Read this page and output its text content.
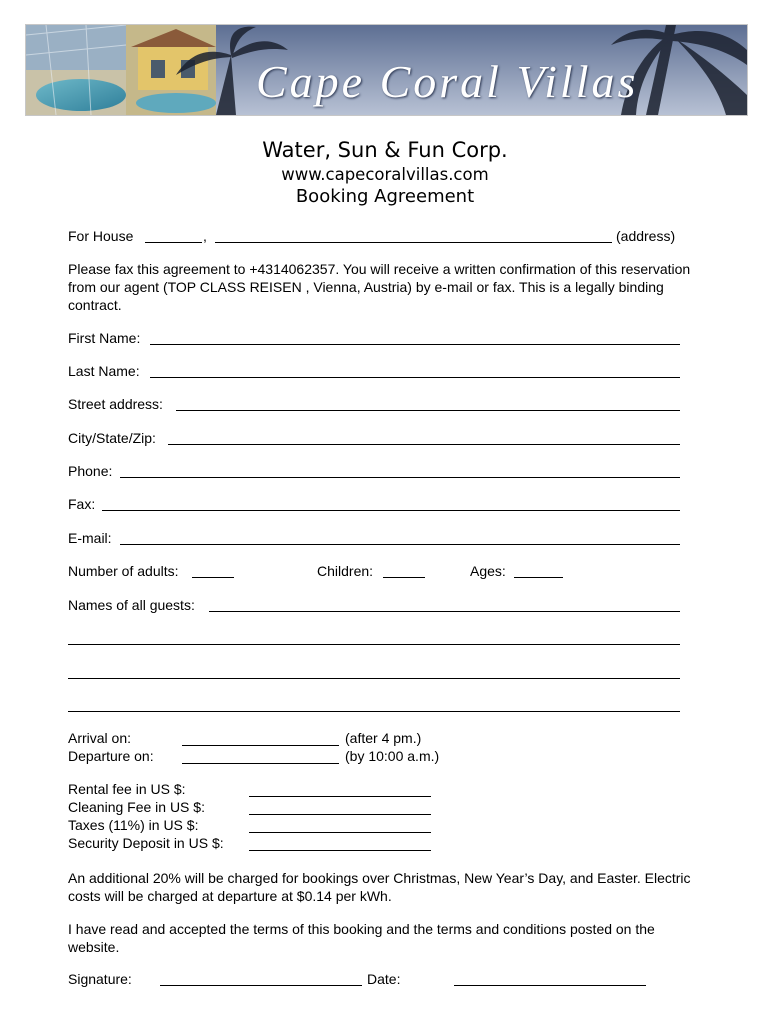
Cape Coral Villas
Water, Sun & Fun Corp.
www.capecoralvillas.com
Booking Agreement
For House	,	(address)
Please fax this agreement to +4314062357. You will receive a written confirmation of this reservation from our agent (TOP CLASS REISEN , Vienna, Austria) by e-mail or fax. This is a legally binding contract.
First Name:
Last Name:
Street address:
City/State/Zip:
Phone:
Fax:
E-mail:
Number of adults:	Children:	Ages:
Names of all guests:
Arrival on:	(after 4 pm.)
Departure on:	(by 10:00 a.m.)
Rental fee in US $:
Cleaning Fee in US $:
Taxes (11%) in US $:
Security Deposit in US $:
An additional 20% will be charged for bookings over Christmas, New Year’s Day, and Easter. Electric costs will be charged at departure at $0.14 per kWh.
I have read and accepted the terms of this booking and the terms and conditions posted on the website.
Signature:	Date:
